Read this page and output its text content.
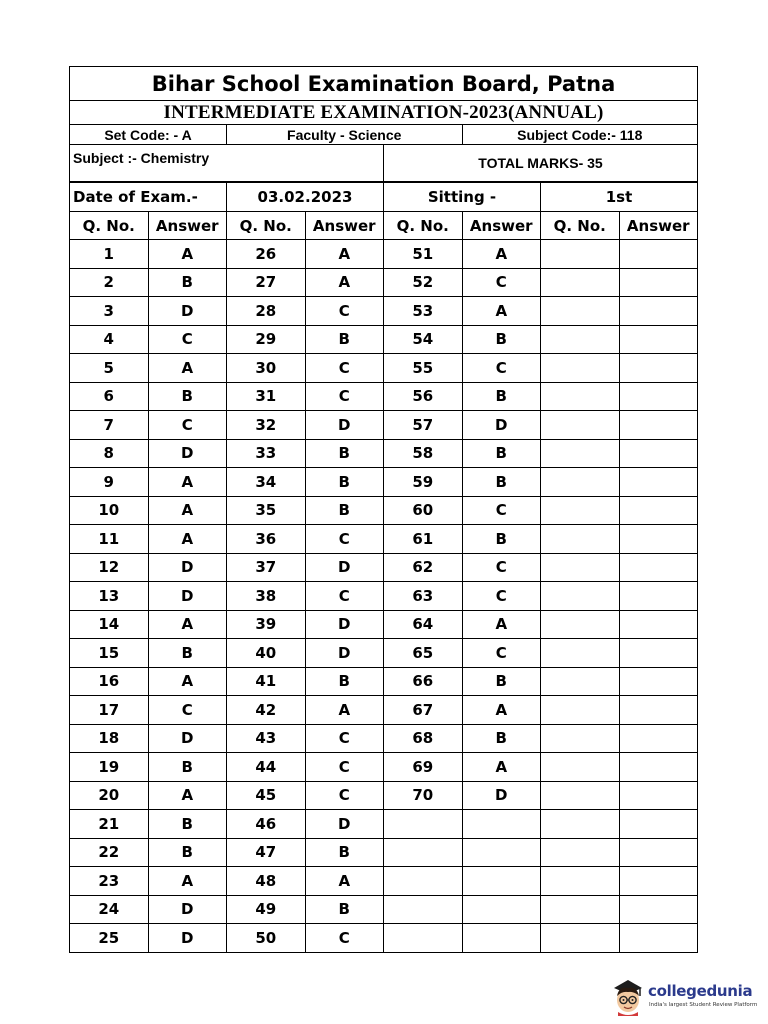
Bihar School Examination Board, Patna							
INTERMEDIATE EXAMINATION-2023(ANNUAL)							
Set Code: - A		Faculty - Science			Subject Code:- 118		
Subject :- Chemistry				TOTAL MARKS- 35			
Date of Exam.-		03.02.2023		Sitting -		1st	
Q. No.	Answer	Q. No.	Answer	Q. No.	Answer	Q. No.	Answer
1	A	26	A	51	A		
2	B	27	A	52	C		
3	D	28	C	53	A		
4	C	29	B	54	B		
5	A	30	C	55	C		
6	B	31	C	56	B		
7	C	32	D	57	D		
8	D	33	B	58	B		
9	A	34	B	59	B		
10	A	35	B	60	C		
11	A	36	C	61	B		
12	D	37	D	62	C		
13	D	38	C	63	C		
14	A	39	D	64	A		
15	B	40	D	65	C		
16	A	41	B	66	B		
17	C	42	A	67	A		
18	D	43	C	68	B		
19	B	44	C	69	A		
20	A	45	C	70	D		
21	B	46	D				
22	B	47	B				
23	A	48	A				
24	D	49	B				
25	D	50	C				
collegedunia
India's largest Student Review Platform
